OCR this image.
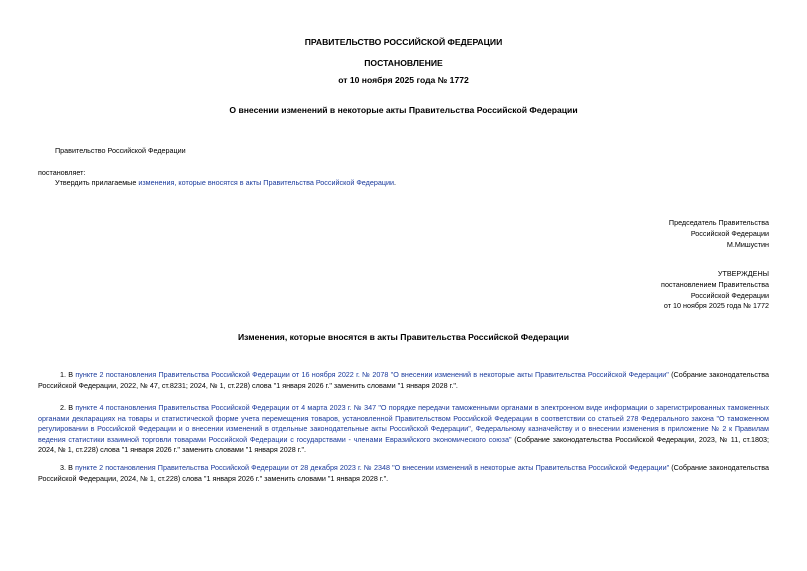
ПРАВИТЕЛЬСТВО РОССИЙСКОЙ ФЕДЕРАЦИИ
ПОСТАНОВЛЕНИЕ
от 10 ноября 2025 года № 1772
О внесении изменений в некоторые акты Правительства Российской Федерации
Правительство Российской Федерации
постановляет:
Утвердить прилагаемые изменения, которые вносятся в акты Правительства Российской Федерации.
Председатель Правительства
Российской Федерации
М.Мишустин
УТВЕРЖДЕНЫ
постановлением Правительства
Российской Федерации
от 10 ноября 2025 года № 1772
Изменения, которые вносятся в акты Правительства Российской Федерации
1. В пункте 2 постановления Правительства Российской Федерации от 16 ноября 2022 г. № 2078 "О внесении изменений в некоторые акты Правительства Российской Федерации" (Собрание законодательства Российской Федерации, 2022, № 47, ст.8231; 2024, № 1, ст.228) слова "1 января 2026 г." заменить словами "1 января 2028 г.".
2. В пункте 4 постановления Правительства Российской Федерации от 4 марта 2023 г. № 347 "О порядке передачи таможенными органами в электронном виде информации о зарегистрированных таможенных органами декларациях на товары и статистической форме учета перемещения товаров, установленной Правительством Российской Федерации в соответствии со статьей 278 Федерального закона "О таможенном регулировании в Российской Федерации и о внесении изменений в отдельные законодательные акты Российской Федерации", Федеральному казначейству и о внесении изменения в приложение № 2 к Правилам ведения статистики взаимной торговли товарами Российской Федерации с государствами - членами Евразийского экономического союза" (Собрание законодательства Российской Федерации, 2023, № 11, ст.1803; 2024, № 1, ст.228) слова "1 января 2026 г." заменить словами "1 января 2028 г.".
3. В пункте 2 постановления Правительства Российской Федерации от 28 декабря 2023 г. № 2348 "О внесении изменений в некоторые акты Правительства Российской Федерации" (Собрание законодательства Российской Федерации, 2024, № 1, ст.228) слова "1 января 2026 г." заменить словами "1 января 2028 г.".
